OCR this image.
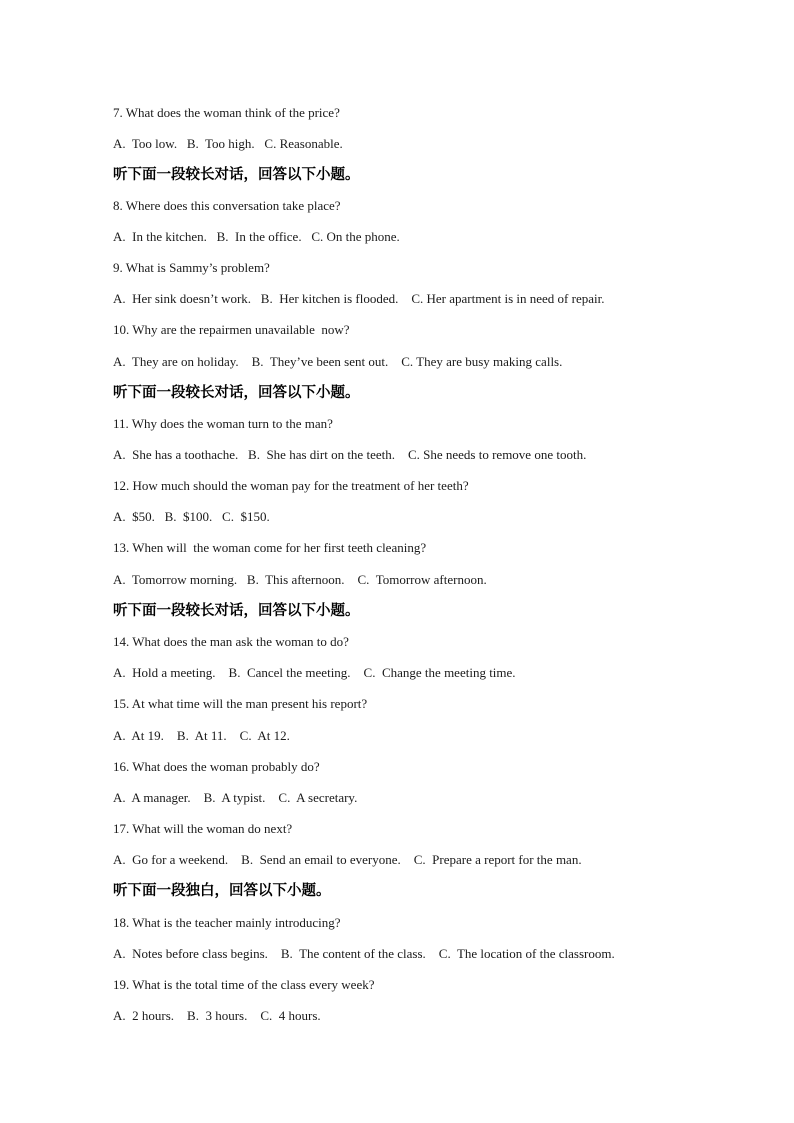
7. What does the woman think of the price?
A.  Too low.   B.  Too high.   C. Reasonable.
听下面一段较长对话，回答以下小题。
8. Where does this conversation take place?
A.  In the kitchen.   B.  In the office.   C. On the phone.
9. What is Sammy’s problem?
A.  Her sink doesn’t work.   B.  Her kitchen is flooded.    C. Her apartment is in need of repair.
10. Why are the repairmen unavailable  now?
A.  They are on holiday.    B.  They’ve been sent out.    C. They are busy making calls.
听下面一段较长对话，回答以下小题。
11. Why does the woman turn to the man?
A.  She has a toothache.   B.  She has dirt on the teeth.    C. She needs to remove one tooth.
12. How much should the woman pay for the treatment of her teeth?
A.  $50.   B.  $100.   C.  $150.
13. When will  the woman come for her first teeth cleaning?
A.  Tomorrow morning.   B.  This afternoon.    C.  Tomorrow afternoon.
听下面一段较长对话，回答以下小题。
14. What does the man ask the woman to do?
A.  Hold a meeting.    B.  Cancel the meeting.    C.  Change the meeting time.
15. At what time will the man present his report?
A.  At 19.    B.  At 11.    C.  At 12.
16. What does the woman probably do?
A.  A manager.    B.  A typist.    C.  A secretary.
17. What will the woman do next?
A.  Go for a weekend.    B.  Send an email to everyone.    C.  Prepare a report for the man.
听下面一段独白，回答以下小题。
18. What is the teacher mainly introducing?
A.  Notes before class begins.    B.  The content of the class.    C.  The location of the classroom.
19. What is the total time of the class every week?
A.  2 hours.    B.  3 hours.    C.  4 hours.
